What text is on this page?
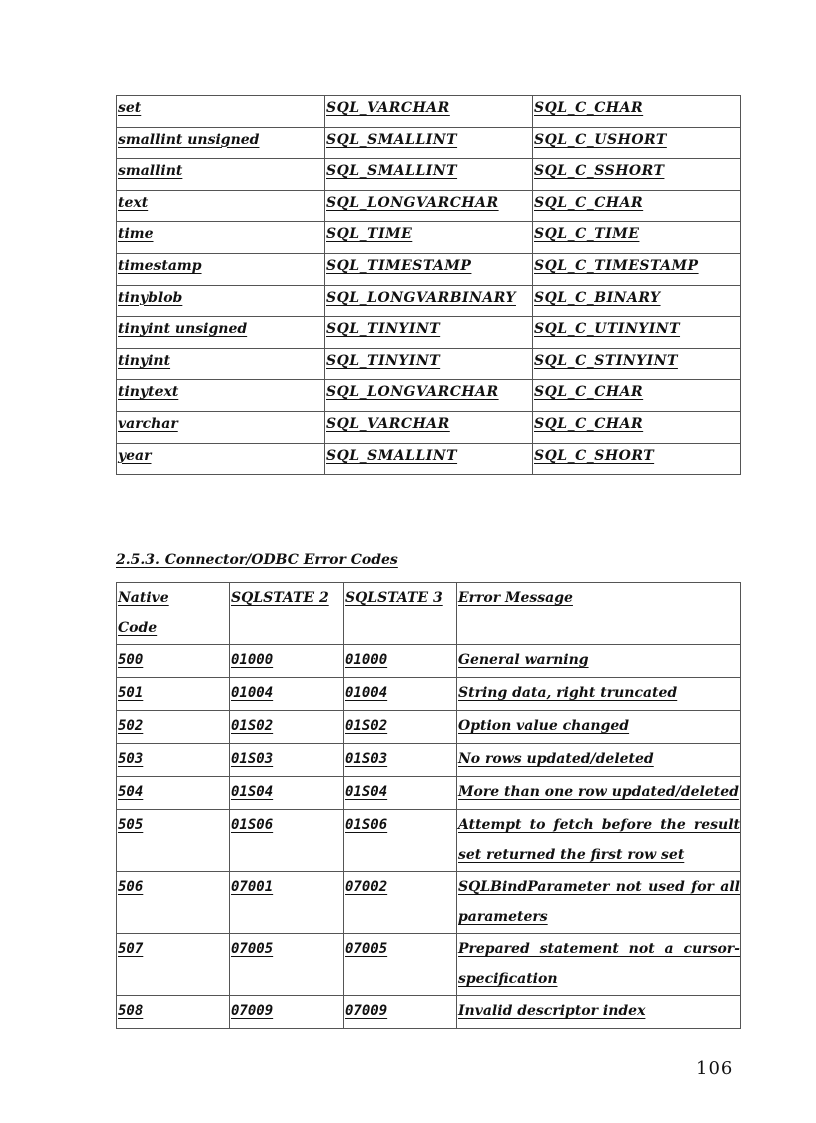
set	SQL_VARCHAR	SQL_C_CHAR
smallint unsigned	SQL_SMALLINT	SQL_C_USHORT
smallint	SQL_SMALLINT	SQL_C_SSHORT
text	SQL_LONGVARCHAR	SQL_C_CHAR
time	SQL_TIME	SQL_C_TIME
timestamp	SQL_TIMESTAMP	SQL_C_TIMESTAMP
tinyblob	SQL_LONGVARBINARY	SQL_C_BINARY
tinyint unsigned	SQL_TINYINT	SQL_C_UTINYINT
tinyint	SQL_TINYINT	SQL_C_STINYINT
tinytext	SQL_LONGVARCHAR	SQL_C_CHAR
varchar	SQL_VARCHAR	SQL_C_CHAR
year	SQL_SMALLINT	SQL_C_SHORT
2.5.3. Connector/ODBC Error Codes
Native Code	SQLSTATE 2	SQLSTATE 3	Error Message

500	01000	01000	General warning

501	01004	01004	String data, right truncated

502	01S02	01S02	Option value changed

503	01S03	01S03	No rows updated/deleted

504	01S04	01S04	More than one row updated/deleted

505	01S06	01S06	Attempt to fetch before the result set returned the first row set

506	07001	07002	SQLBindParameter not used for all parameters

507	07005	07005	Prepared statement not a cursor-specification

508	07009	07009	Invalid descriptor index
106
